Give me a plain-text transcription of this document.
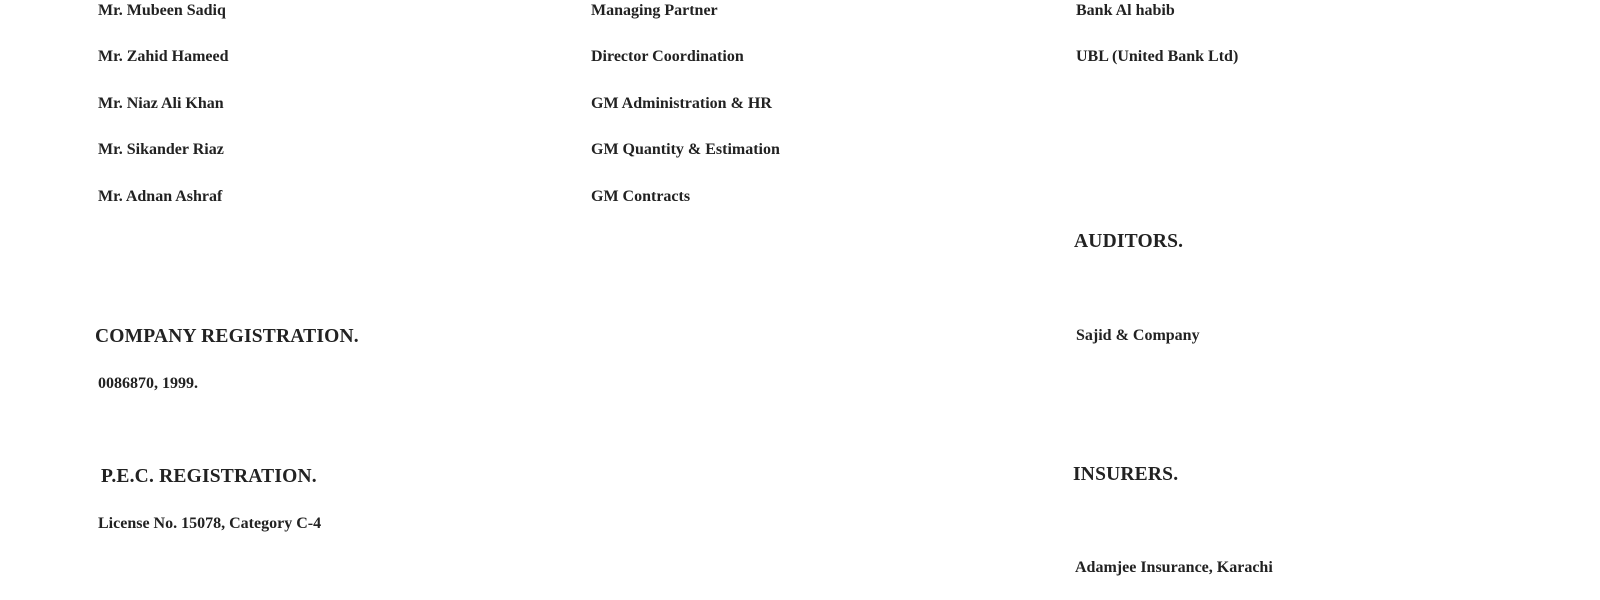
Mr. Mubeen Sadiq
Mr. Zahid Hameed
Mr. Niaz Ali Khan
Mr. Sikander Riaz
Mr. Adnan Ashraf
Managing Partner
Director Coordination
GM Administration & HR
GM Quantity & Estimation
GM Contracts
Bank Al habib
UBL (United Bank Ltd)
AUDITORS.
Sajid & Company
COMPANY REGISTRATION.
0086870, 1999.
P.E.C. REGISTRATION.
License No. 15078, Category C-4
INSURERS.
Adamjee Insurance, Karachi
